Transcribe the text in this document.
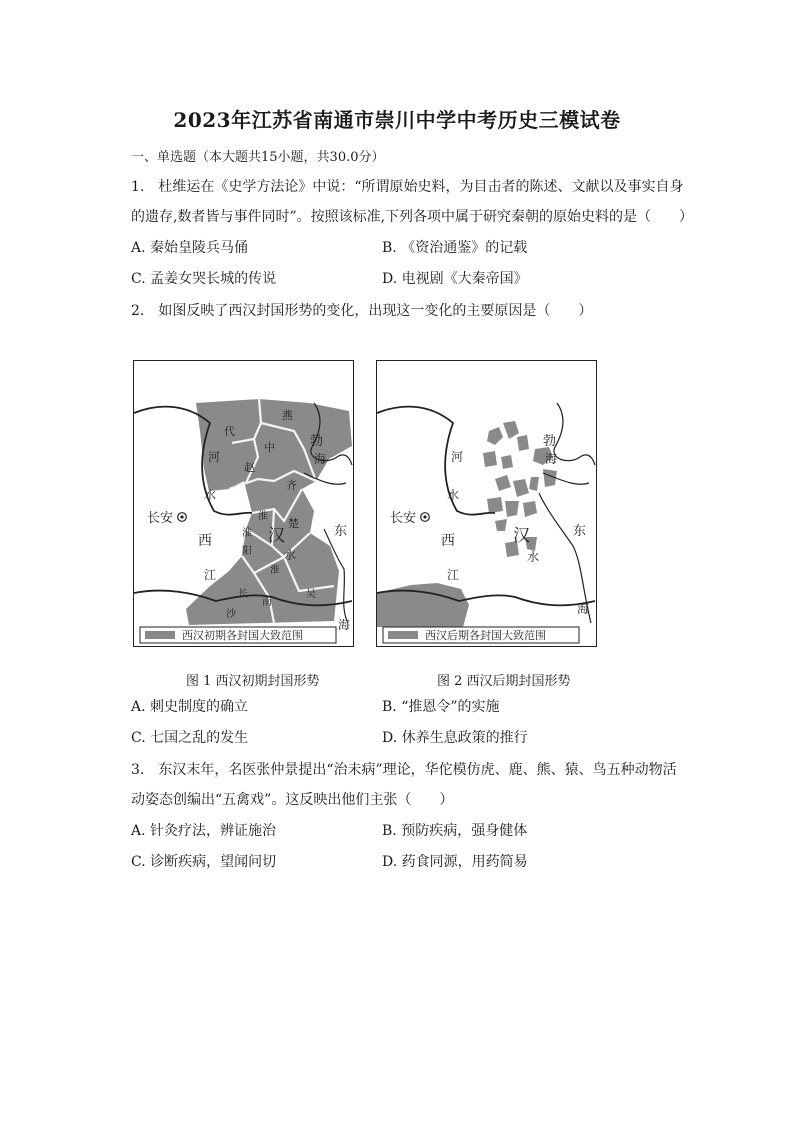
2023年江苏省南通市崇川中学中考历史三模试卷
一、单选题（本大题共15小题，共30.0分）
1.　杜维运在《史学方法论》中说：“所谓原始史料，为目击者的陈述、文献以及事实自身
的遗存,数者皆与事件同时”。按照该标准,下列各项中属于研究秦朝的原始史料的是（　　）
A. 秦始皇陵兵马俑	B. 《资治通鉴》的记载
C. 孟姜女哭长城的传说	D. 电视剧《大秦帝国》
2.　如图反映了西汉封国形势的变化，出现这一变化的主要原因是（　　）
燕
代
河
中
赵
勃
海
齐
水
长安
西
淮
楚
汉
淮
阳	水
江	淮
长
沙
南
吴
东
海
西汉初期各封国大致范围
勃
海
河
水
长安
西	汉
水
江
东
海
西汉后期各封国大致范围
图 1 西汉初期封国形势	图 2 西汉后期封国形势
A. 刺史制度的确立	B. “推恩令”的实施
C. 七国之乱的发生	D. 休养生息政策的推行
3.　东汉末年，名医张仲景提出“治未病”理论，华佗模仿虎、鹿、熊、猿、鸟五种动物活
动姿态创编出“五禽戏”。这反映出他们主张（　　）
A. 针灸疗法，辨证施治	B. 预防疾病，强身健体
C. 诊断疾病，望闻问切	D. 药食同源，用药简易
